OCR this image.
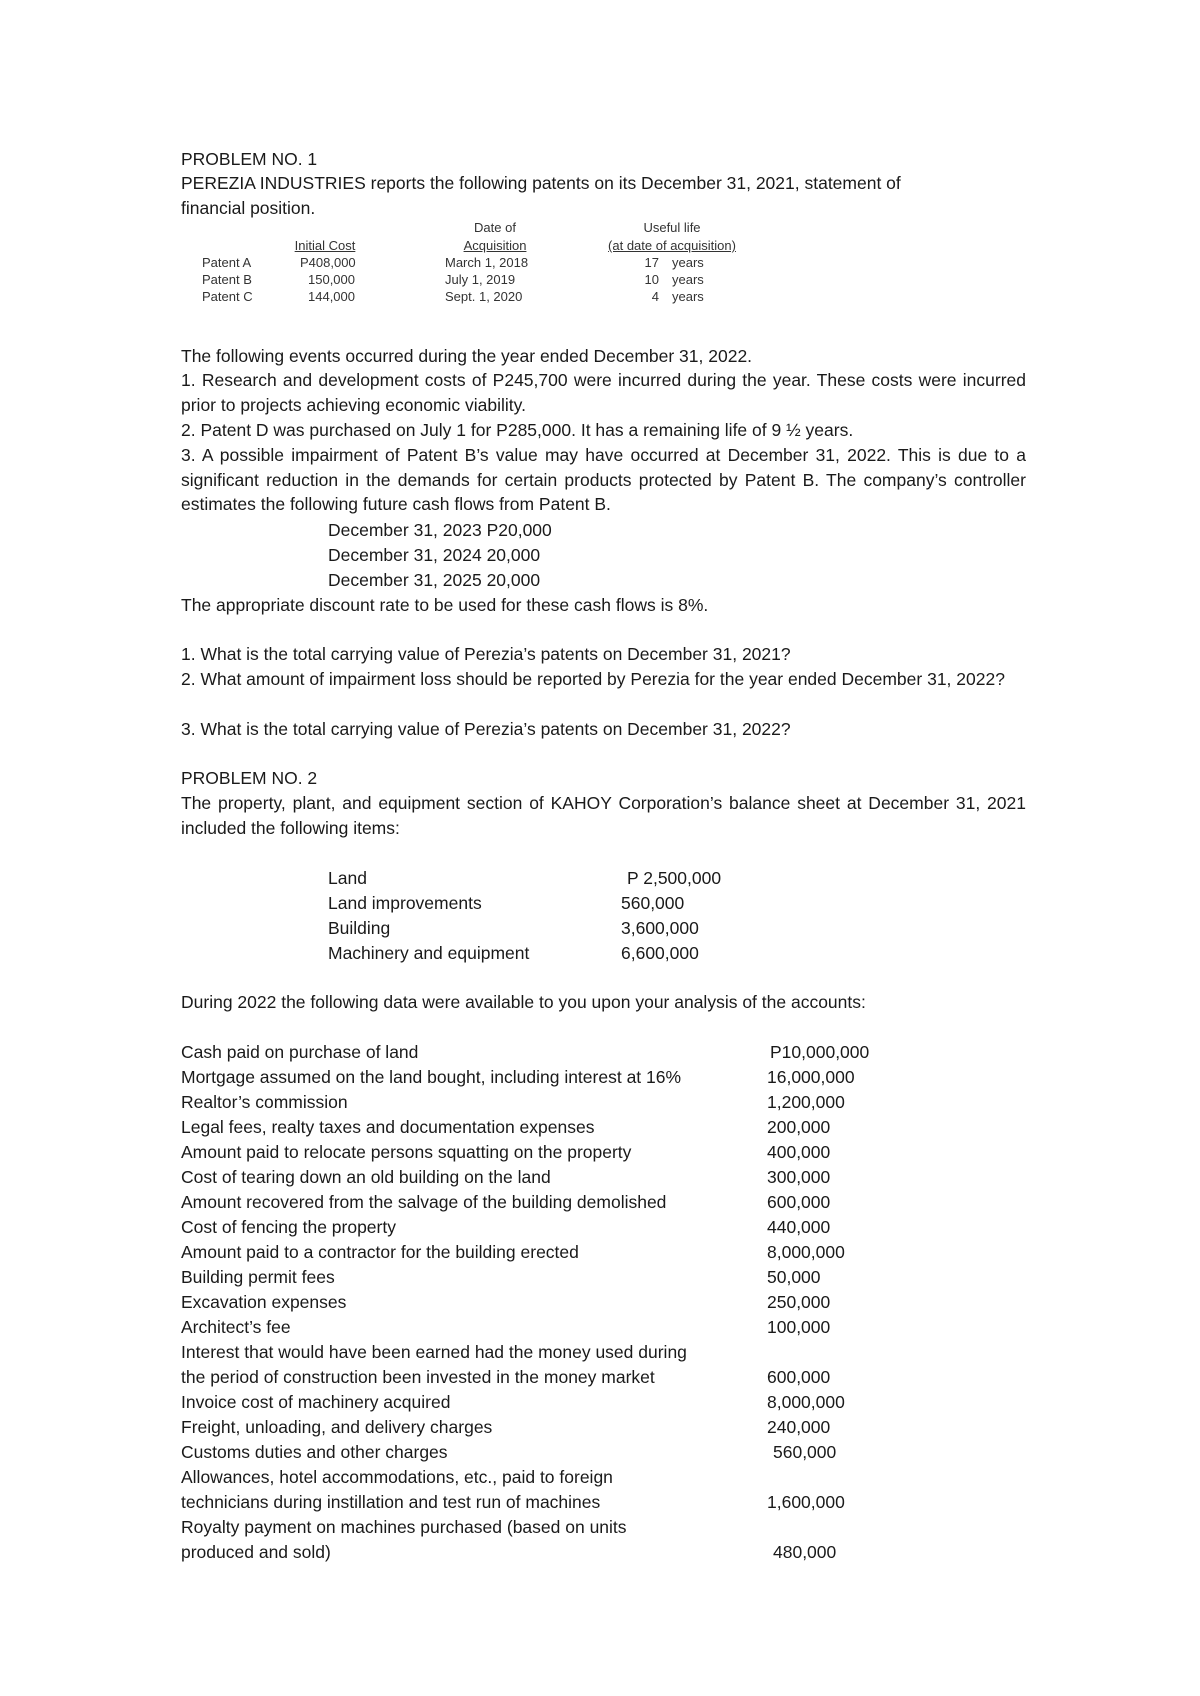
PROBLEM NO. 1

PEREZIA INDUSTRIES reports the following patents on its December 31, 2021, statement of financial position.

Date of	Useful life
Initial Cost	Acquisition	(at date of acquisition)
Patent A	P408,000	March 1, 2018	17 years
Patent B	150,000	July 1, 2019	10 years
Patent C	144,000	Sept. 1, 2020	4 years
The following events occurred during the year ended December 31, 2022.

1. Research and development costs of P245,700 were incurred during the year. These costs were incurred prior to projects achieving economic viability.

2. Patent D was purchased on July 1 for P285,000. It has a remaining life of 9 ½ years.

3. A possible impairment of Patent B’s value may have occurred at December 31, 2022. This is due to a significant reduction in the demands for certain products protected by Patent B. The company’s controller estimates the following future cash flows from Patent B.

December 31, 2023 P20,000
December 31, 2024 20,000
December 31, 2025 20,000
The appropriate discount rate to be used for these cash flows is 8%.
1. What is the total carrying value of Perezia’s patents on December 31, 2021?

2. What amount of impairment loss should be reported by Perezia for the year ended December 31, 2022?

3. What is the total carrying value of Perezia’s patents on December 31, 2022?
PROBLEM NO. 2

The property, plant, and equipment section of KAHOY Corporation’s balance sheet at December 31, 2021 included the following items:

Land	P 2,500,000
Land improvements	560,000
Building	3,600,000
Machinery and equipment	6,600,000
During 2022 the following data were available to you upon your analysis of the accounts:
Cash paid on purchase of land	P10,000,000
Mortgage assumed on the land bought, including interest at 16%	16,000,000
Realtor’s commission	1,200,000
Legal fees, realty taxes and documentation expenses	200,000
Amount paid to relocate persons squatting on the property	400,000
Cost of tearing down an old building on the land	300,000
Amount recovered from the salvage of the building demolished	600,000
Cost of fencing the property	440,000
Amount paid to a contractor for the building erected	8,000,000
Building permit fees	50,000
Excavation expenses	250,000
Architect’s fee	100,000
Interest that would have been earned had the money used during
the period of construction been invested in the money market	600,000
Invoice cost of machinery acquired	8,000,000
Freight, unloading, and delivery charges	240,000
Customs duties and other charges	560,000
Allowances, hotel accommodations, etc., paid to foreign
technicians during instillation and test run of machines	1,600,000
Royalty payment on machines purchased (based on units
produced and sold)	480,000
